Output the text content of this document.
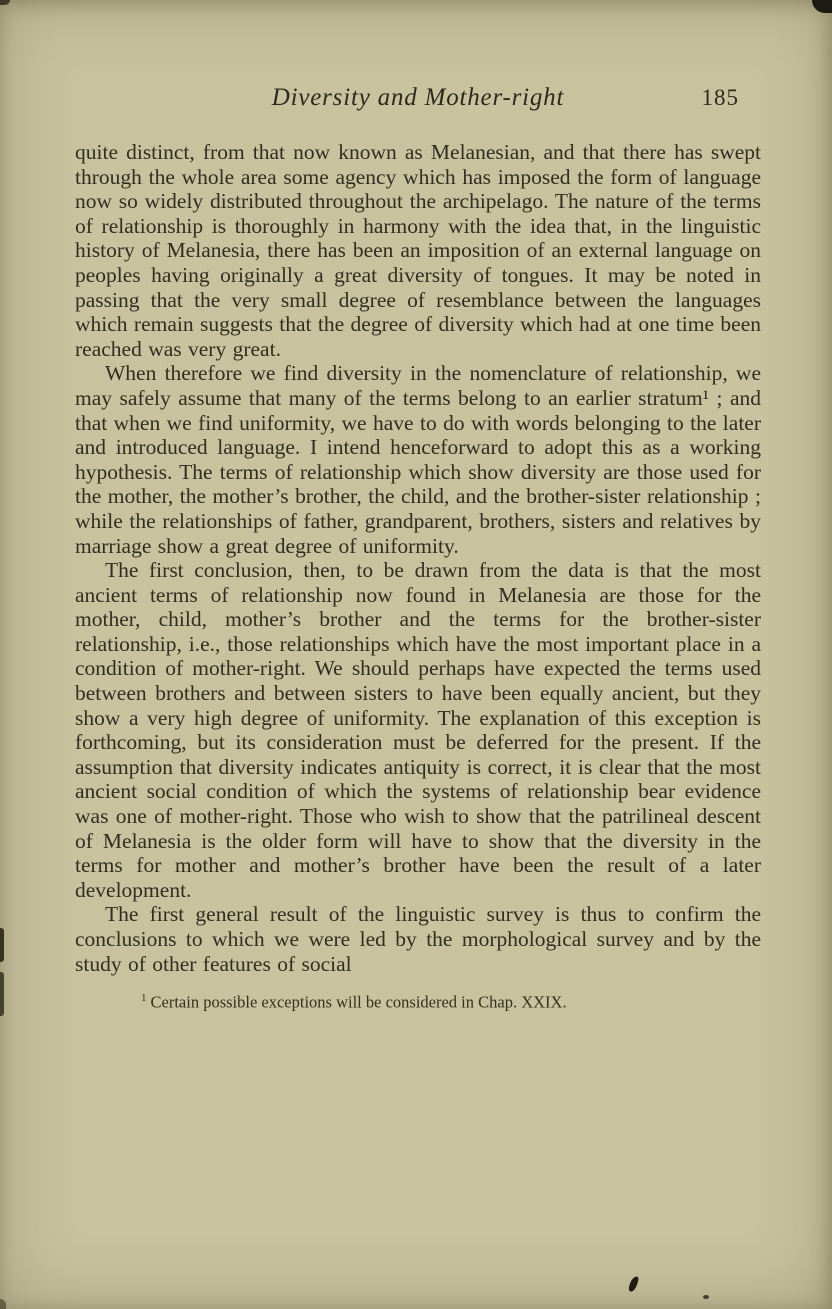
Diversity and Mother-right	185

quite distinct, from that now known as Melanesian, and that there has swept through the whole area some agency which has imposed the form of language now so widely distributed throughout the archipelago. The nature of the terms of relationship is thoroughly in harmony with the idea that, in the linguistic history of Melanesia, there has been an imposition of an external language on peoples having originally a great diversity of tongues. It may be noted in passing that the very small degree of resemblance between the languages which remain suggests that the degree of diversity which had at one time been reached was very great.

When therefore we find diversity in the nomenclature of relationship, we may safely assume that many of the terms belong to an earlier stratum¹ ; and that when we find uniformity, we have to do with words belonging to the later and introduced language. I intend henceforward to adopt this as a working hypothesis. The terms of relationship which show diversity are those used for the mother, the mother’s brother, the child, and the brother-sister relationship ; while the relationships of father, grandparent, brothers, sisters and relatives by marriage show a great degree of uniformity.

The first conclusion, then, to be drawn from the data is that the most ancient terms of relationship now found in Melanesia are those for the mother, child, mother’s brother and the terms for the brother-sister relationship, i.e., those relationships which have the most important place in a condition of mother-right. We should perhaps have expected the terms used between brothers and between sisters to have been equally ancient, but they show a very high degree of uniformity. The explanation of this exception is forthcoming, but its consideration must be deferred for the present. If the assumption that diversity indicates antiquity is correct, it is clear that the most ancient social condition of which the systems of relationship bear evidence was one of mother-right. Those who wish to show that the patrilineal descent of Melanesia is the older form will have to show that the diversity in the terms for mother and mother’s brother have been the result of a later development.

The first general result of the linguistic survey is thus to confirm the conclusions to which we were led by the morphological survey and by the study of other features of social

$^1$ Certain possible exceptions will be considered in Chap. XXIX.
